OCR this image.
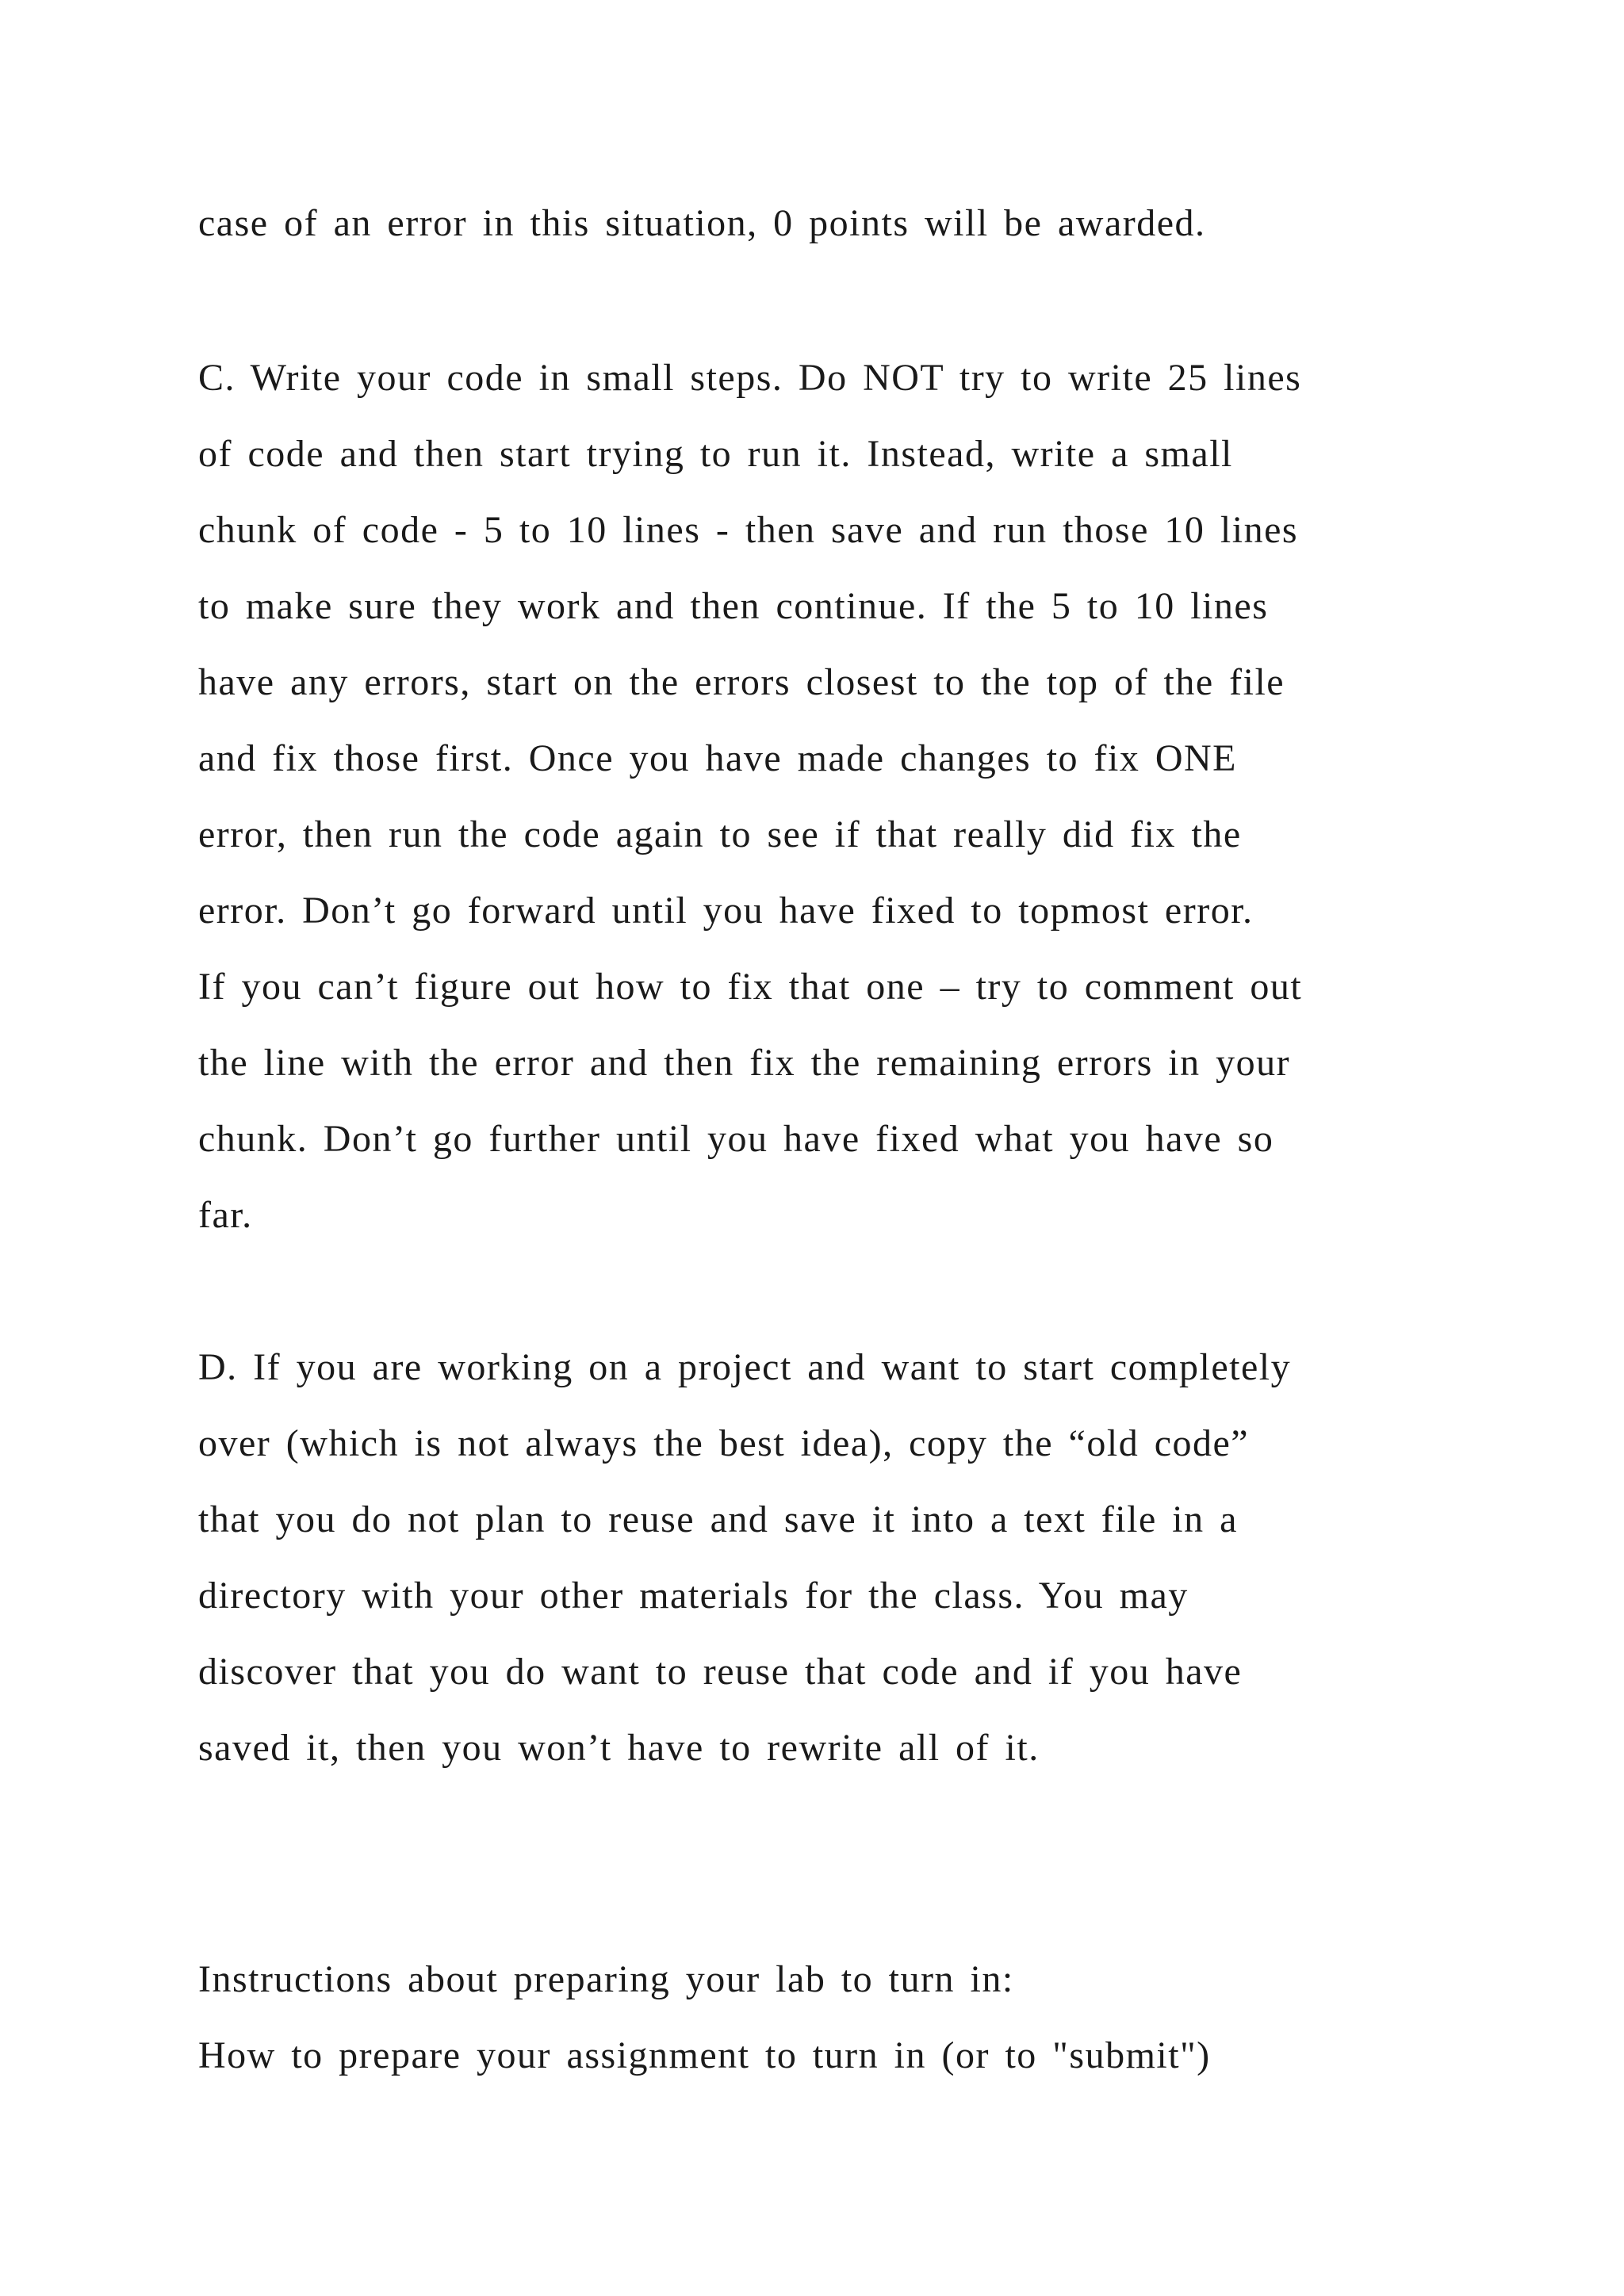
case of an error in this situation, 0 points will be awarded.
C. Write your code in small steps. Do NOT try to write 25 lines
of code and then start trying to run it. Instead, write a small
chunk of code - 5 to 10 lines - then save and run those 10 lines
to make sure they work and then continue. If the 5 to 10 lines
have any errors, start on the errors closest to the top of the file
and fix those first. Once you have made changes to fix ONE
error, then run the code again to see if that really did fix the
error. Don’t go forward until you have fixed to topmost error.
If you can’t figure out how to fix that one – try to comment out
the line with the error and then fix the remaining errors in your
chunk. Don’t go further until you have fixed what you have so
far.
D. If you are working on a project and want to start completely
over (which is not always the best idea), copy the “old code”
that you do not plan to reuse and save it into a text file in a
directory with your other materials for the class. You may
discover that you do want to reuse that code and if you have
saved it, then you won’t have to rewrite all of it.
Instructions about preparing your lab to turn in:
How to prepare your assignment to turn in (or to "submit")
